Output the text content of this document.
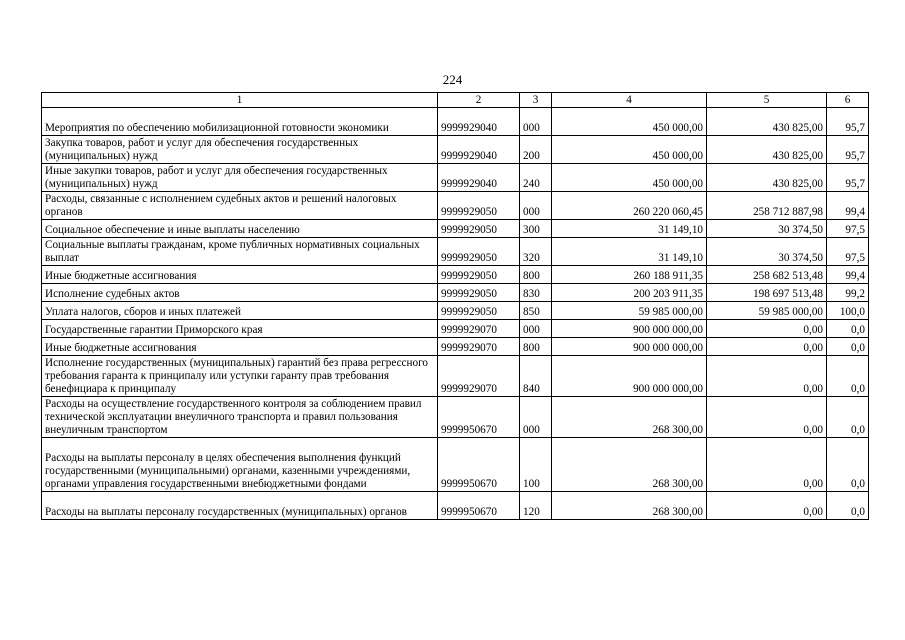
224
1	2	3	4	5	6
Мероприятия по обеспечению мобилизационной готовности экономики	9999929040	000	450 000,00	430 825,00	95,7
Закупка товаров, работ и услуг для обеспечения государственных (муниципальных) нужд	9999929040	200	450 000,00	430 825,00	95,7
Иные закупки товаров, работ и услуг для обеспечения государственных (муниципальных) нужд	9999929040	240	450 000,00	430 825,00	95,7
Расходы, связанные с исполнением судебных актов и решений налоговых органов	9999929050	000	260 220 060,45	258 712 887,98	99,4
Социальное обеспечение и иные выплаты населению	9999929050	300	31 149,10	30 374,50	97,5
Социальные выплаты гражданам, кроме публичных нормативных социальных выплат	9999929050	320	31 149,10	30 374,50	97,5
Иные бюджетные ассигнования	9999929050	800	260 188 911,35	258 682 513,48	99,4
Исполнение судебных актов	9999929050	830	200 203 911,35	198 697 513,48	99,2
Уплата налогов, сборов и иных платежей	9999929050	850	59 985 000,00	59 985 000,00	100,0
Государственные гарантии Приморского края	9999929070	000	900 000 000,00	0,00	0,0
Иные бюджетные ассигнования	9999929070	800	900 000 000,00	0,00	0,0
Исполнение государственных (муниципальных) гарантий без права регрессного требования гаранта к принципалу или уступки гаранту прав требования бенефициара к принципалу	9999929070	840	900 000 000,00	0,00	0,0
Расходы на осуществление государственного контроля за соблюдением правил технической эксплуатации внеуличного транспорта и правил пользования внеуличным транспортом	9999950670	000	268 300,00	0,00	0,0
Расходы на выплаты персоналу в целях обеспечения выполнения функций государственными (муниципальными) органами, казенными учреждениями, органами управления государственными внебюджетными фондами	9999950670	100	268 300,00	0,00	0,0
Расходы на выплаты персоналу государственных (муниципальных) органов	9999950670	120	268 300,00	0,00	0,0
